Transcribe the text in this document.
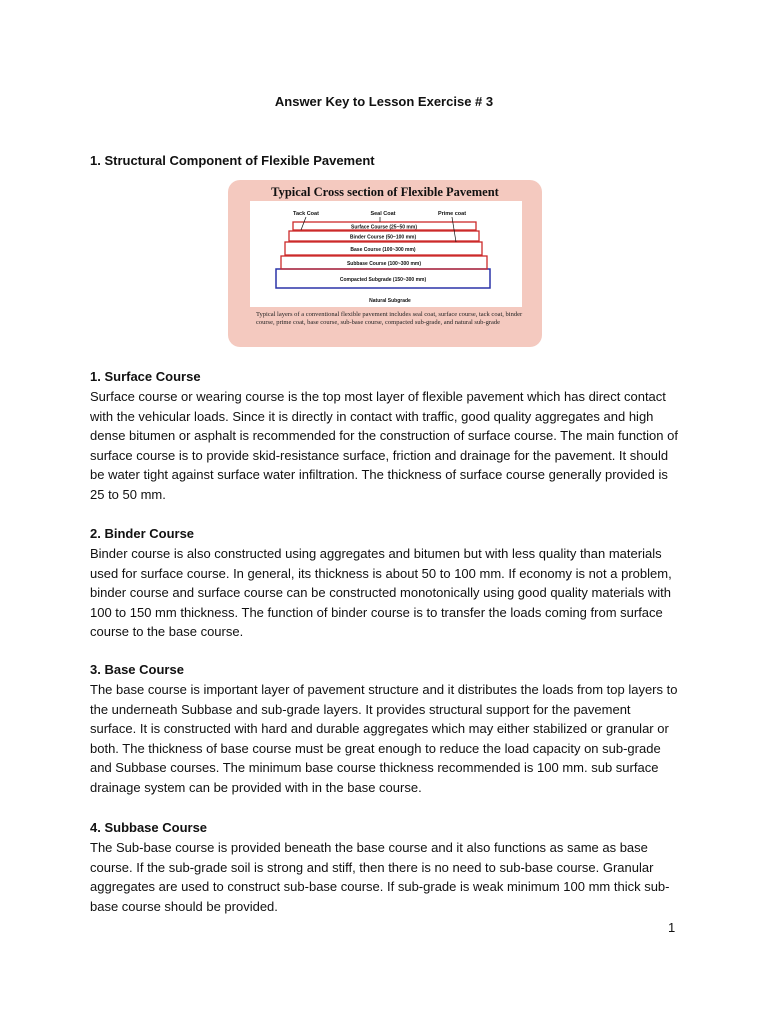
Answer Key to Lesson Exercise # 3
1. Structural Component of Flexible Pavement
Typical Cross section of Flexible Pavement
Natural Subgrade
Compacted Subgrade (150~300 mm)
Subbase Course (100~300 mm)
Base Course (100~300 mm)
Binder Course (50~100 mm)
Surface Course (25~50 mm)
Tack Coat	Seal Coat	Prime coat
Typical layers of a conventional flexible pavement includes seal coat, surface course, tack coat, binder course, prime coat, base course, sub-base course, compacted sub-grade, and natural sub-grade
1. Surface Course

Surface course or wearing course is the top most layer of flexible pavement which has direct contact with the vehicular loads. Since it is directly in contact with traffic, good quality aggregates and high dense bitumen or asphalt is recommended for the construction of surface course. The main function of surface course is to provide skid-resistance surface, friction and drainage for the pavement. It should be water tight against surface water infiltration. The thickness of surface course generally provided is 25 to 50 mm.

2. Binder Course

Binder course is also constructed using aggregates and bitumen but with less quality than materials used for surface course. In general, its thickness is about 50 to 100 mm. If economy is not a problem, binder course and surface course can be constructed monotonically using good quality materials with 100 to 150 mm thickness. The function of binder course is to transfer the loads coming from surface course to the base course.

3. Base Course

The base course is important layer of pavement structure and it distributes the loads from top layers to the underneath Subbase and sub-grade layers. It provides structural support for the pavement surface. It is constructed with hard and durable aggregates which may either stabilized or granular or both. The thickness of base course must be great enough to reduce the load capacity on sub-grade and Subbase courses. The minimum base course thickness recommended is 100 mm. sub surface drainage system can be provided with in the base course.

4. Subbase Course

The Sub-base course is provided beneath the base course and it also functions as same as base course. If the sub-grade soil is strong and stiff, then there is no need to sub-base course. Granular aggregates are used to construct sub-base course. If sub-grade is weak minimum 100 mm thick sub-base course should be provided.

1
